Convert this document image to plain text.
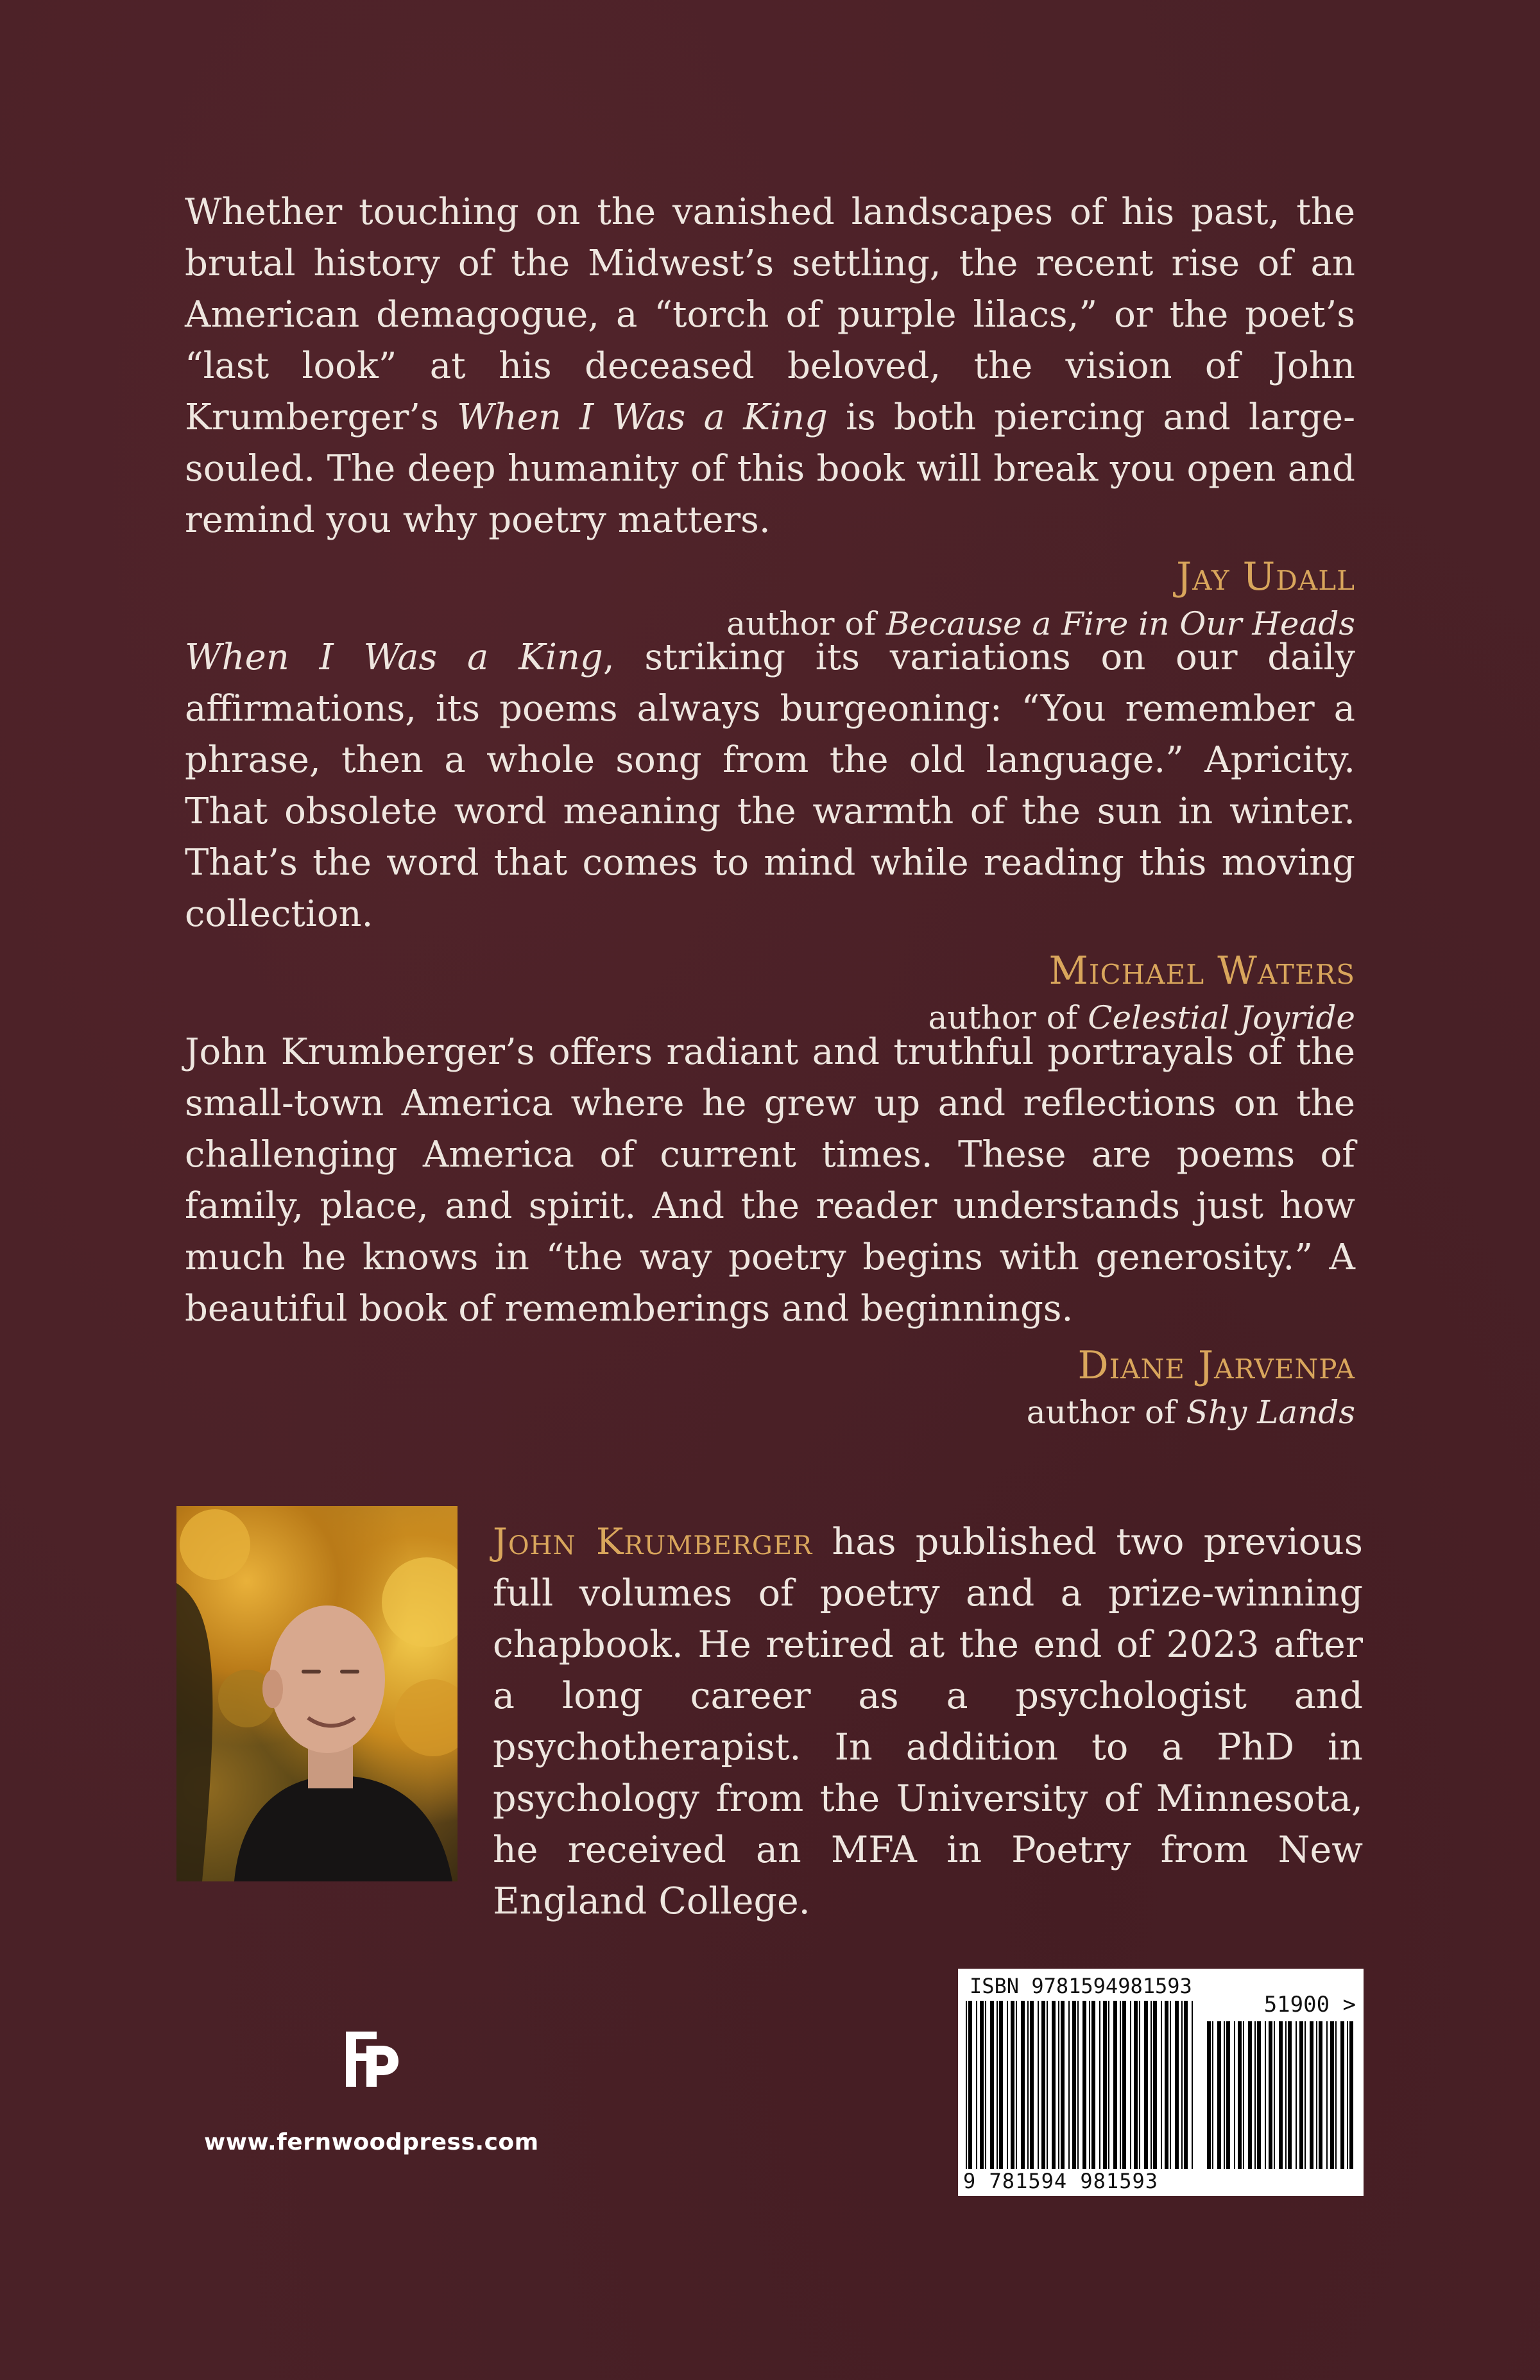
Whether touching on the vanished landscapes of his past, the brutal history of the Midwest’s settling, the recent rise of an American demagogue, a “torch of purple lilacs,” or the poet’s “last look” at his deceased beloved, the vision of John Krumberger’s When I Was a King is both piercing and large-souled. The deep humanity of this book will break you open and remind you why poetry matters.

Jay Udall
author of Because a Fire in Our Heads

When I Was a King, striking its variations on our daily affirmations, its poems always burgeoning: “You remember a phrase, then a whole song from the old language.” Apricity. That obsolete word meaning the warmth of the sun in winter. That’s the word that comes to mind while reading this moving collection.

Michael Waters
author of Celestial Joyride

John Krumberger’s offers radiant and truthful portrayals of the small-town America where he grew up and reflections on the challenging America of current times. These are poems of family, place, and spirit. And the reader understands just how much he knows in “the way poetry begins with generosity.” A beautiful book of rememberings and beginnings.

Diane Jarvenpa
author of Shy Lands

John Krumberger has published two previous full volumes of poetry and a prize-winning chapbook. He retired at the end of 2023 after a long career as a psychologist and psychotherapist. In addition to a PhD in psychology from the University of Minnesota, he received an MFA in Poetry from New England College.

FP
www.fernwoodpress.com
ISBN 9781594981593
51900 >
9 781594 981593
